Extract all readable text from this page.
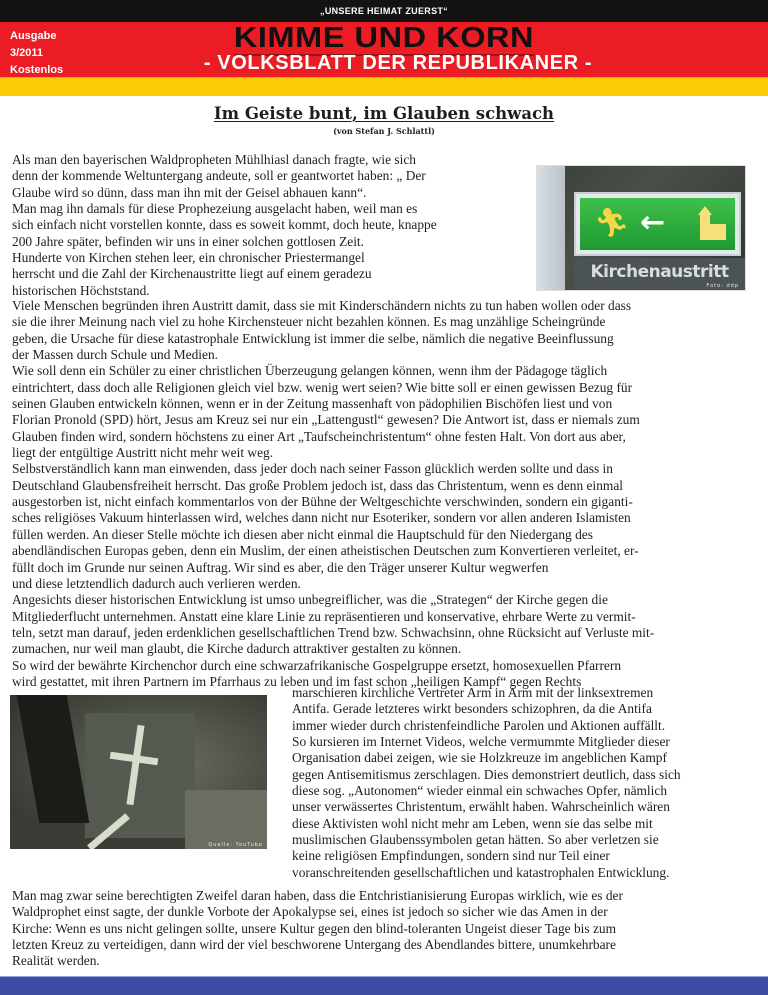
„UNSERE HEIMAT ZUERST“
Ausgabe
3/2011
Kostenlos
KIMME UND KORN
- VOLKSBLATT DER REPUBLIKANER -
Im Geiste bunt, im Glauben schwach
(von Stefan J. Schlattl)
Als man den bayerischen Waldpropheten Mühlhiasl danach fragte, wie sich
denn der kommende Weltuntergang andeute, soll er geantwortet haben: „ Der
Glaube wird so dünn, dass man ihn mit der Geisel abhauen kann“.
Man mag ihn damals für diese Prophezeiung ausgelacht haben, weil man es
sich einfach nicht vorstellen konnte, dass es soweit kommt, doch heute, knappe
200 Jahre später, befinden wir uns in einer solchen gottlosen Zeit.
Hunderte von Kirchen stehen leer, ein chronischer Priestermangel
herrscht und die Zahl der Kirchenaustritte liegt auf einem geradezu
historischen Höchststand.
🏃︎ ←
Kirchenaustritt
Foto: ddp
Viele Menschen begründen ihren Austritt damit, dass sie mit Kinderschändern nichts zu tun haben wollen oder dass
sie die ihrer Meinung nach viel zu hohe Kirchensteuer nicht bezahlen können. Es mag unzählige Scheingründe
geben, die Ursache für diese katastrophale Entwicklung ist immer die selbe, nämlich die negative Beeinflussung
der Massen durch Schule und Medien.
Wie soll denn ein Schüler zu einer christlichen Überzeugung gelangen können, wenn ihm der Pädagoge täglich
eintrichtert, dass doch alle Religionen gleich viel bzw. wenig wert seien? Wie bitte soll er einen gewissen Bezug für
seinen Glauben entwickeln können, wenn er in der Zeitung massenhaft von pädophilien Bischöfen liest und von
Florian Pronold (SPD) hört, Jesus am Kreuz sei nur ein „Lattengustl“ gewesen? Die Antwort ist, dass er niemals zum
Glauben finden wird, sondern höchstens zu einer Art „Taufscheinchristentum“ ohne festen Halt. Von dort aus aber,
liegt der entgültige Austritt nicht mehr weit weg.
Selbstverständlich kann man einwenden, dass jeder doch nach seiner Fasson glücklich werden sollte und dass in
Deutschland Glaubensfreiheit herrscht. Das große Problem jedoch ist, dass das Christentum, wenn es denn einmal
ausgestorben ist, nicht einfach kommentarlos von der Bühne der Weltgeschichte verschwinden, sondern ein giganti-
sches religiöses Vakuum hinterlassen wird, welches dann nicht nur Esoteriker, sondern vor allen anderen Islamisten
füllen werden. An dieser Stelle möchte ich diesen aber nicht einmal die Hauptschuld für den Niedergang des
abendländischen Europas geben, denn ein Muslim, der einen atheistischen Deutschen zum Konvertieren verleitet, er-
füllt doch im Grunde nur seinen Auftrag. Wir sind es aber, die den Träger unserer Kultur wegwerfen
und diese letztendlich dadurch auch verlieren werden.
Angesichts dieser historischen Entwicklung ist umso unbegreiflicher, was die „Strategen“ der Kirche gegen die
Mitgliederflucht unternehmen. Anstatt eine klare Linie zu repräsentieren und konservative, ehrbare Werte zu vermit-
teln, setzt man darauf, jeden erdenklichen gesellschaftlichen Trend bzw. Schwachsinn, ohne Rücksicht auf Verluste mit-
zumachen, nur weil man glaubt, die Kirche dadurch attraktiver gestalten zu können.
So wird der bewährte Kirchenchor durch eine schwarzafrikanische Gospelgruppe ersetzt, homosexuellen Pfarrern
wird gestattet, mit ihren Partnern im Pfarrhaus zu leben und im fast schon „heiligen Kampf“ gegen Rechts
Quelle: YouTube
marschieren kirchliche Vertreter Arm in Arm mit der linksextremen
Antifa. Gerade letzteres wirkt besonders schizophren, da die Antifa
immer wieder durch christenfeindliche Parolen und Aktionen auffällt.
So kursieren im Internet Videos, welche vermummte Mitglieder dieser
Organisation dabei zeigen, wie sie Holzkreuze im angeblichen Kampf
gegen Antisemitismus zerschlagen. Dies demonstriert deutlich, dass sich
diese sog. „Autonomen“ wieder einmal ein schwaches Opfer, nämlich
unser verwässertes Christentum, erwählt haben. Wahrscheinlich wären
diese Aktivisten wohl nicht mehr am Leben, wenn sie das selbe mit
muslimischen Glaubenssymbolen getan hätten. So aber verletzen sie
keine religiösen Empfindungen, sondern sind nur Teil einer
voranschreitenden gesellschaftlichen und katastrophalen Entwicklung.
Man mag zwar seine berechtigten Zweifel daran haben, dass die Entchristianisierung Europas wirklich, wie es der
Waldprophet einst sagte, der dunkle Vorbote der Apokalypse sei, eines ist jedoch so sicher wie das Amen in der
Kirche: Wenn es uns nicht gelingen sollte, unsere Kultur gegen den blind-toleranten Ungeist dieser Tage bis zum
letzten Kreuz zu verteidigen, dann wird der viel beschworene Untergang des Abendlandes bittere, unumkehrbare
Realität werden.
